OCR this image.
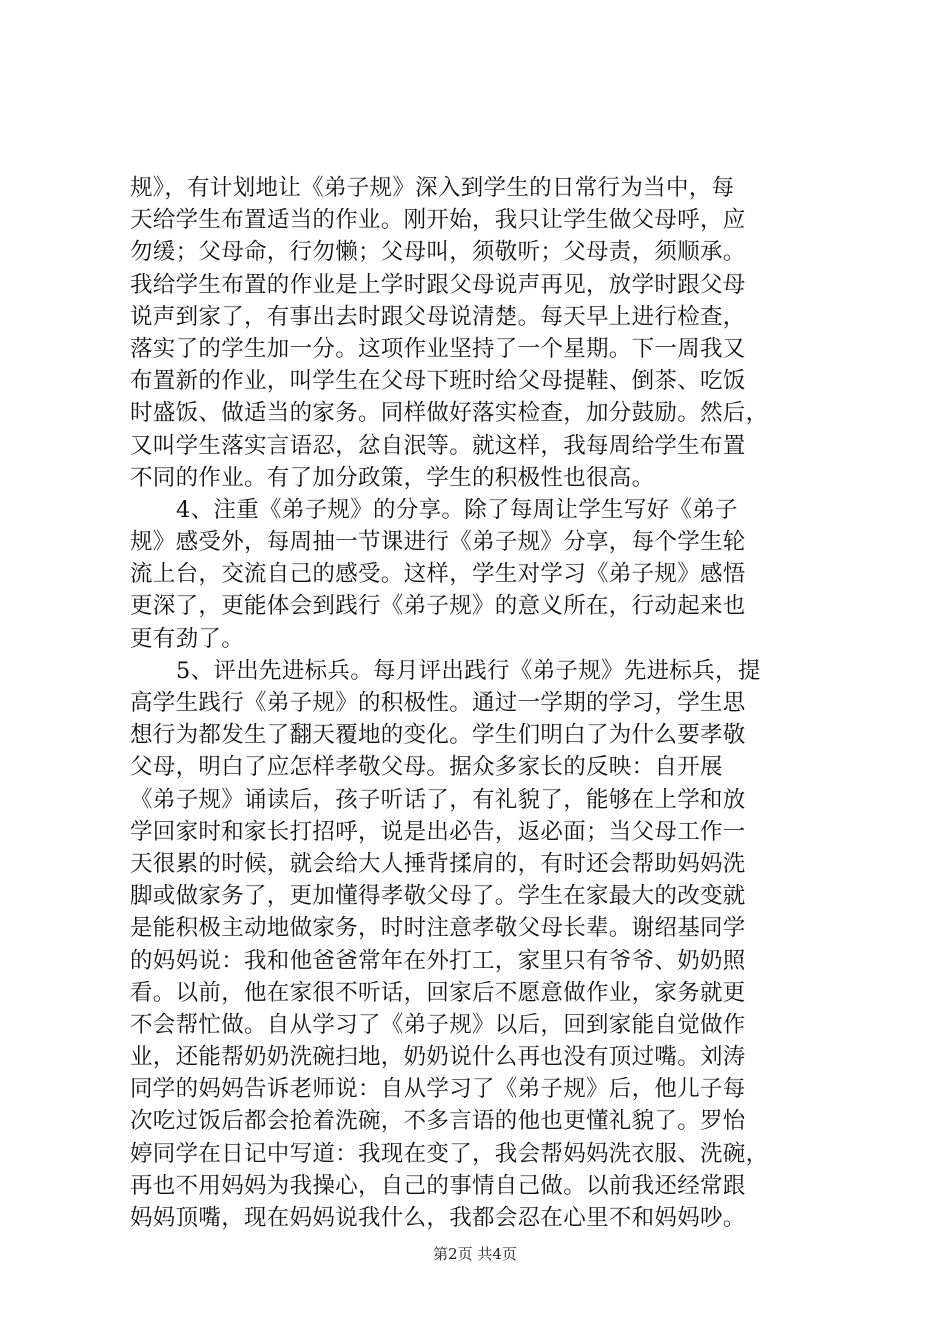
规》，有计划地让《弟子规》深入到学生的日常行为当中，每
天给学生布置适当的作业。刚开始，我只让学生做父母呼，应
勿缓；父母命，行勿懒；父母叫，须敬听；父母责，须顺承。
我给学生布置的作业是上学时跟父母说声再见，放学时跟父母
说声到家了，有事出去时跟父母说清楚。每天早上进行检查，
落实了的学生加一分。这项作业坚持了一个星期。下一周我又
布置新的作业，叫学生在父母下班时给父母提鞋、倒茶、吃饭
时盛饭、做适当的家务。同样做好落实检查，加分鼓励。然后，
又叫学生落实言语忍，忿自泯等。就这样，我每周给学生布置
不同的作业。有了加分政策，学生的积极性也很高。
4、注重《弟子规》的分享。除了每周让学生写好《弟子
规》感受外，每周抽一节课进行《弟子规》分享，每个学生轮
流上台，交流自己的感受。这样，学生对学习《弟子规》感悟
更深了，更能体会到践行《弟子规》的意义所在，行动起来也
更有劲了。
5、评出先进标兵。每月评出践行《弟子规》先进标兵，提
高学生践行《弟子规》的积极性。通过一学期的学习，学生思
想行为都发生了翻天覆地的变化。学生们明白了为什么要孝敬
父母，明白了应怎样孝敬父母。据众多家长的反映：自开展
《弟子规》诵读后，孩子听话了，有礼貌了，能够在上学和放
学回家时和家长打招呼，说是出必告，返必面；当父母工作一
天很累的时候，就会给大人捶背揉肩的，有时还会帮助妈妈洗
脚或做家务了，更加懂得孝敬父母了。学生在家最大的改变就
是能积极主动地做家务，时时注意孝敬父母长辈。谢绍基同学
的妈妈说：我和他爸爸常年在外打工，家里只有爷爷、奶奶照
看。以前，他在家很不听话，回家后不愿意做作业，家务就更
不会帮忙做。自从学习了《弟子规》以后，回到家能自觉做作
业，还能帮奶奶洗碗扫地，奶奶说什么再也没有顶过嘴。刘涛
同学的妈妈告诉老师说：自从学习了《弟子规》后，他儿子每
次吃过饭后都会抢着洗碗，不多言语的他也更懂礼貌了。罗怡
婷同学在日记中写道：我现在变了，我会帮妈妈洗衣服、洗碗，
再也不用妈妈为我操心，自己的事情自己做。以前我还经常跟
妈妈顶嘴，现在妈妈说我什么，我都会忍在心里不和妈妈吵。
第2页 共4页
